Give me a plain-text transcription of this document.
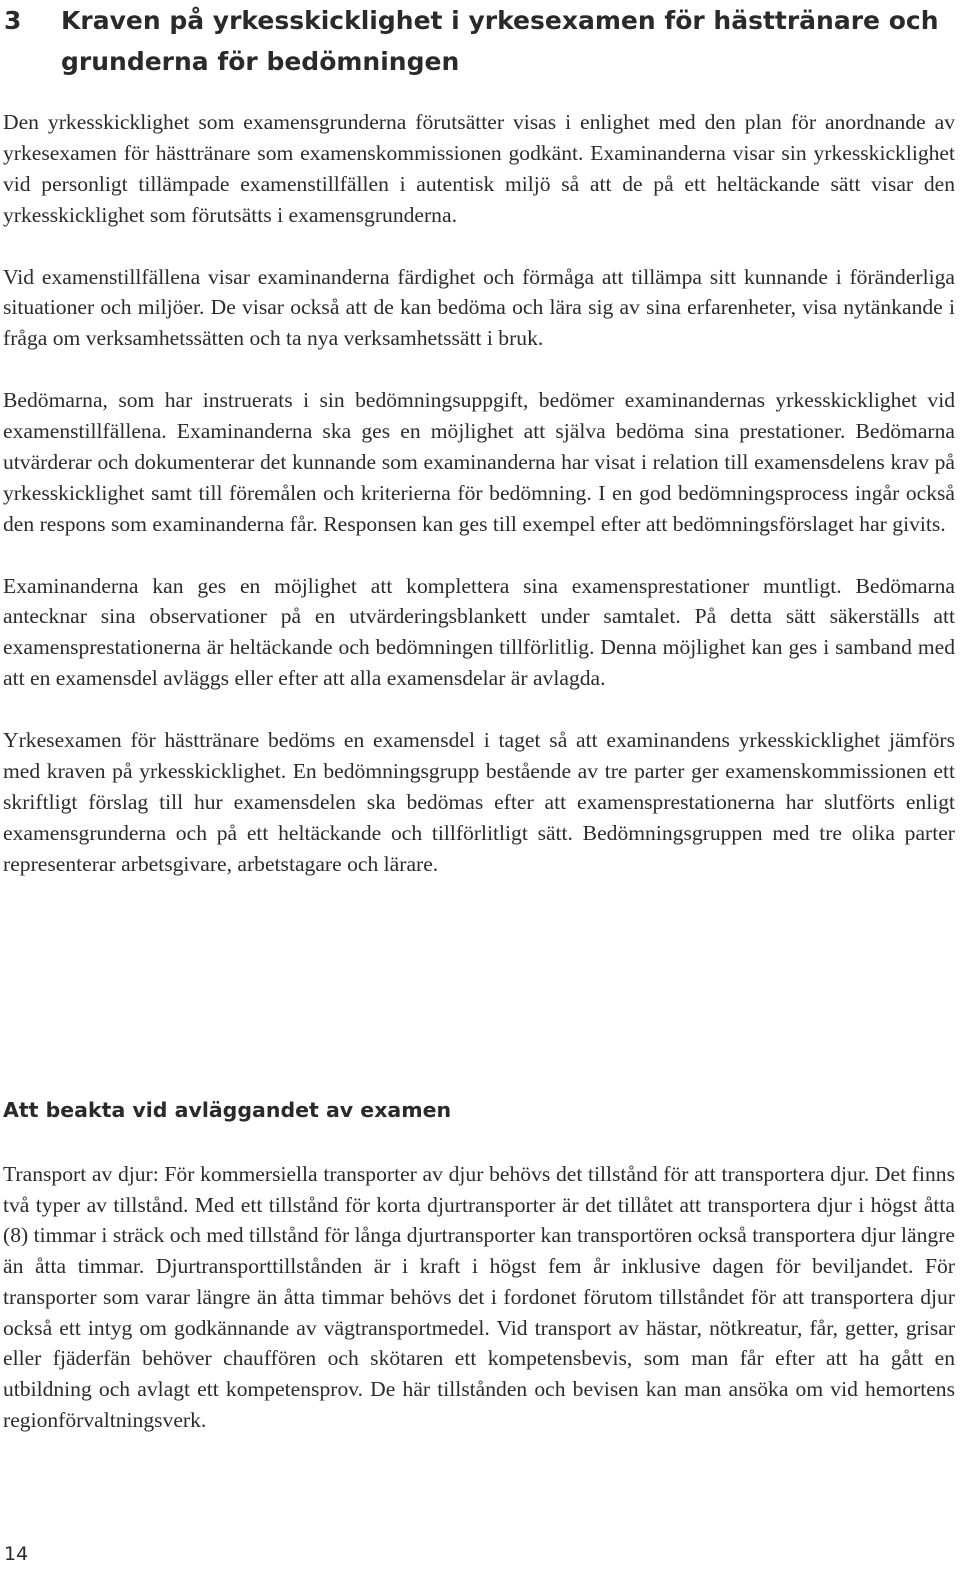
3 Kraven på yrkesskicklighet i yrkesexamen för hästtränare och grunderna för bedömningen

Den yrkesskicklighet som examensgrunderna förutsätter visas i enlighet med den plan för anordnande av yrkesexamen för hästtränare som examenskommissionen godkänt. Examinanderna visar sin yrkesskicklighet vid personligt tillämpade examenstillfällen i autentisk miljö så att de på ett heltäckande sätt visar den yrkesskicklighet som förutsätts i examensgrunderna.

Vid examenstillfällena visar examinanderna färdighet och förmåga att tillämpa sitt kunnande i föränderliga situationer och miljöer. De visar också att de kan bedöma och lära sig av sina erfarenheter, visa nytänkande i fråga om verksamhetssätten och ta nya verksamhetssätt i bruk.

Bedömarna, som har instruerats i sin bedömningsuppgift, bedömer examinandernas yrkesskicklighet vid examenstillfällena. Examinanderna ska ges en möjlighet att själva bedöma sina prestationer. Bedömarna utvärderar och dokumenterar det kunnande som examinanderna har visat i relation till examensdelens krav på yrkesskicklighet samt till föremålen och kriterierna för bedömning. I en god bedömningsprocess ingår också den respons som examinanderna får. Responsen kan ges till exempel efter att bedömningsförslaget har givits.

Examinanderna kan ges en möjlighet att komplettera sina examensprestationer muntligt. Bedömarna antecknar sina observationer på en utvärderingsblankett under samtalet. På detta sätt säkerställs att examensprestationerna är heltäckande och bedömningen tillförlitlig. Denna möjlighet kan ges i samband med att en examensdel avläggs eller efter att alla examensdelar är avlagda.

Yrkesexamen för hästtränare bedöms en examensdel i taget så att examinandens yrkesskicklighet jämförs med kraven på yrkesskicklighet. En bedömningsgrupp bestående av tre parter ger examenskommissionen ett skriftligt förslag till hur examensdelen ska bedömas efter att examensprestationerna har slutförts enligt examensgrunderna och på ett heltäckande och tillförlitligt sätt. Bedömningsgruppen med tre olika parter representerar arbetsgivare, arbetstagare och lärare.

Att beakta vid avläggandet av examen

Transport av djur: För kommersiella transporter av djur behövs det tillstånd för att transportera djur. Det finns två typer av tillstånd. Med ett tillstånd för korta djurtransporter är det tillåtet att transportera djur i högst åtta (8) timmar i sträck och med tillstånd för långa djurtransporter kan transportören också transportera djur längre än åtta timmar. Djurtransporttillstånden är i kraft i högst fem år inklusive dagen för beviljandet. För transporter som varar längre än åtta timmar behövs det i fordonet förutom tillståndet för att transportera djur också ett intyg om godkännande av vägtransportmedel. Vid transport av hästar, nötkreatur, får, getter, grisar eller fjäderfän behöver chauffören och skötaren ett kompetensbevis, som man får efter att ha gått en utbildning och avlagt ett kompetensprov. De här tillstånden och bevisen kan man ansöka om vid hemortens regionförvaltningsverk.

14
